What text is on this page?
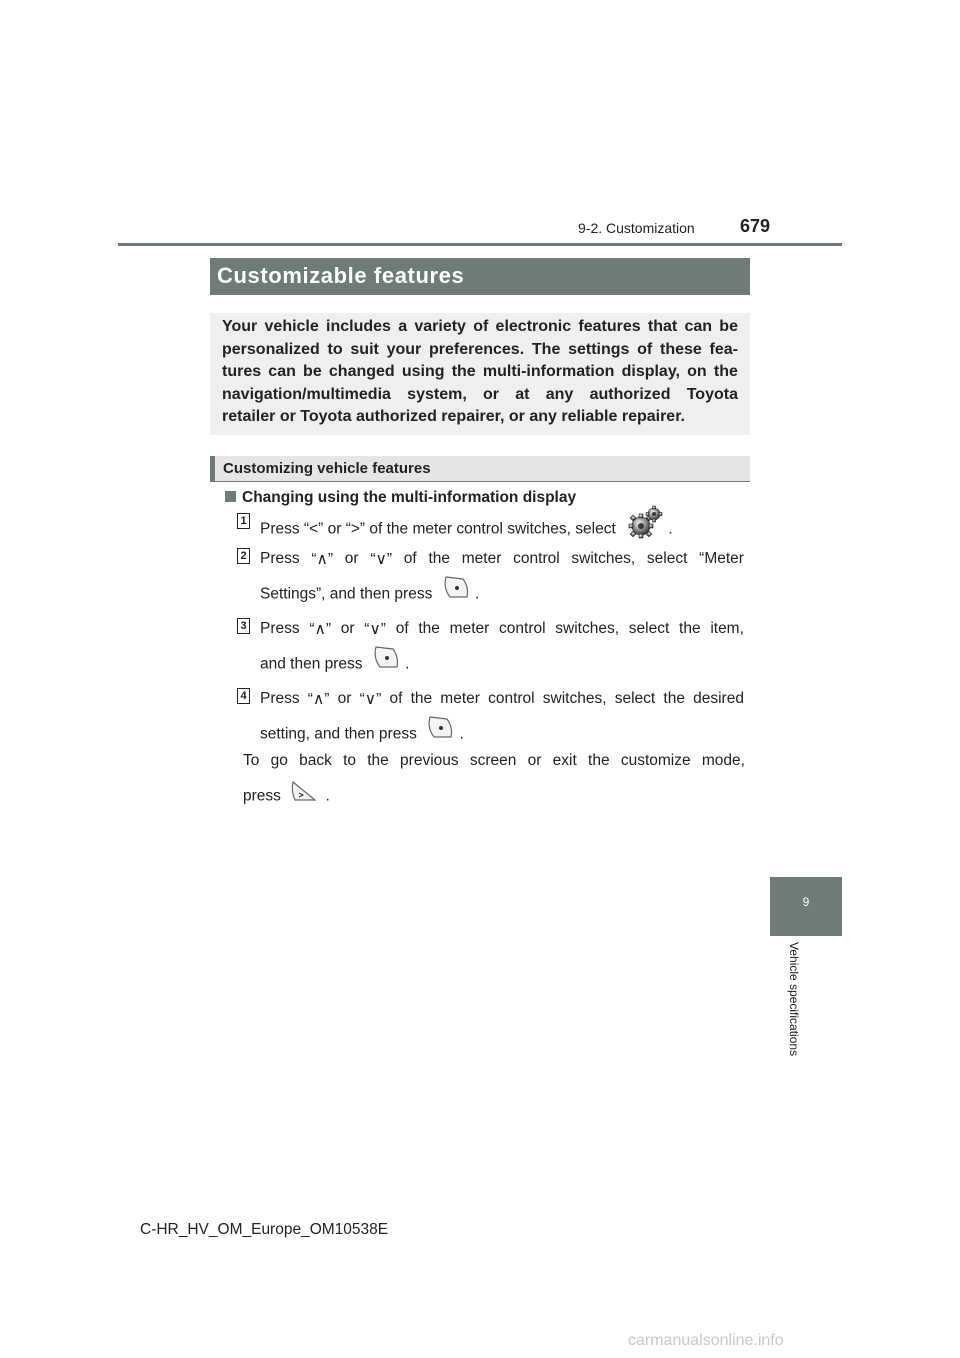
9-2. Customization	679
Customizable features
Your vehicle includes a variety of electronic features that can be
personalized to suit your preferences. The settings of these fea-
tures can be changed using the multi-information display, on the
navigation/multimedia system, or at any authorized Toyota
retailer or Toyota authorized repairer, or any reliable repairer.
Customizing vehicle features
Changing using the multi-information display
1 Press “<” or “>” of the meter control switches, select	.
2 Press “∧” or “∨” of the meter control switches, select “Meter
Settings”, and then press	.
3 Press “∧” or “∨” of the meter control switches, select the item,
and then press	.
4 Press “∧” or “∨” of the meter control switches, select the desired
setting, and then press	.
To go back to the previous screen or exit the customize mode,
press	.
9
Vehicle specifications
C-HR_HV_OM_Europe_OM10538E
carmanualsonline.info
